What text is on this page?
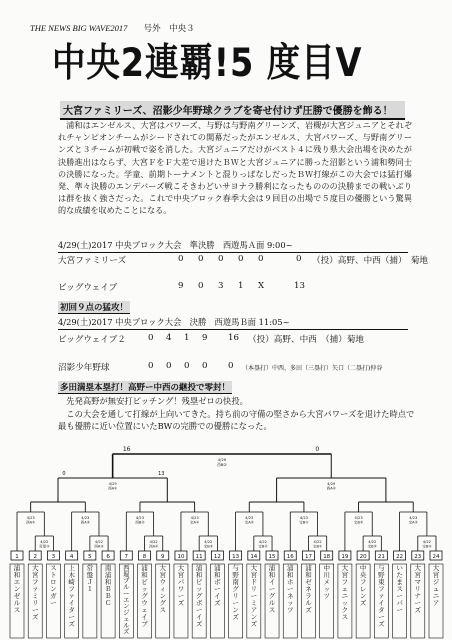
THE NEWS BIG WAVE2017 号外　中央３
中央2連覇!5 度目V
大宮ファミリーズ、沼影少年野球クラブを寄せ付けず圧勝で優勝を飾る！

浦和はエンゼルス、大宮はパワーズ、与野は与野南グリーンズ、岩槻が大宮ジュニアとそれぞれチャンピオンチームがシードされての開幕だったがエンゼルス、大宮パワーズ、与野南グリーンズと３チームが初戦で姿を消した。大宮ジュニアだけがベスト４に残り県大会出場を決めたが決勝進出はならず、大宮ＦをＦ大差で退けたＢＷと大宮ジュニアに勝った沼影という浦和勢同士の決勝になった。学童、前期トーナメントと混りっぱなしだったＢＷ打線がこの大会では猛打爆発、準々決勝のエンデバーズ戦こそきわどいサヨナラ勝利になったもののの決勝までの戦いぶりは群を抜く強さだった。これで中央ブロック春季大会は９回目の出場で５度目の優勝という驚異的な成績を収めたことになる。

4/29(土)2017 中央ブロック大会　準決勝　西遊馬Ａ面 9:00~
大宮ファミリーズ	0 0 0 0 0	0 （投）高野、中西（捕）　菊地
ビッグウェイブ	9 0 3 1 X	13
初回９点の猛攻！
4/29(土)2017 中央ブロック大会　決勝　西遊馬Ｂ面 11:05~
ビッグウェイブ２	0 4 1 9 16 （投）高野、中西　（捕）菊地
沼影少年野球	0 0 0 0 0 （本塁打）中西、多田（三塁打）矢口（二塁打)仲谷
多田満塁本塁打！高野ー中西の継投で零封！

先発高野が無安打ピッチング！残塁ゼロの快投。

この大会を通して打線が上向いてきた。持ち前の守備の堅さから大宮パワーズを退けた時点で最も優勝に近い位置にいたBWの完勝での優勝になった。

1
浦和エンゼルス
2
大宮ファミリーズ
3
ストロンガー
4
上木崎ファイターズ
5
常盤Ｊ１
6
南浦和ＢＢＣ
7
西堀ブルーエンジェルズ
8
浦和ビッグウェイブ
9
大宮ウィングス
10
大宮パワーズ
11
浦和ビッグボーイズ
12
浦和ボーイズ
13
与野南グリーンズ
14
大宮ドリーミアンズ
15
浦和イーグルス
16
浦和ホーネッツ
17
浦和ゼネラルズ
18
中川メッツ
19
大宮フェニックス
20
中央フレンズ
21
与野東ファイターズ
22
いたまスーパー
23
大宮マリナーズ
24
大宮ジュニア
4/22
宮原③
4/23
西A①
4/22
西A③
4/23
西A②
4/22
西A②
4/23
西B②
4/22
宝B③
4/23
宝A①
4/22
宝B②
4/23
宝A②
4/22
宝B①
4/23
宝B①
4/22
宝B②
4/23
宝B②
4/22
宝B③
4/23
宝A②
4/29
西A①
0	13
4/29
西A②
4/29
西B②
16	0
